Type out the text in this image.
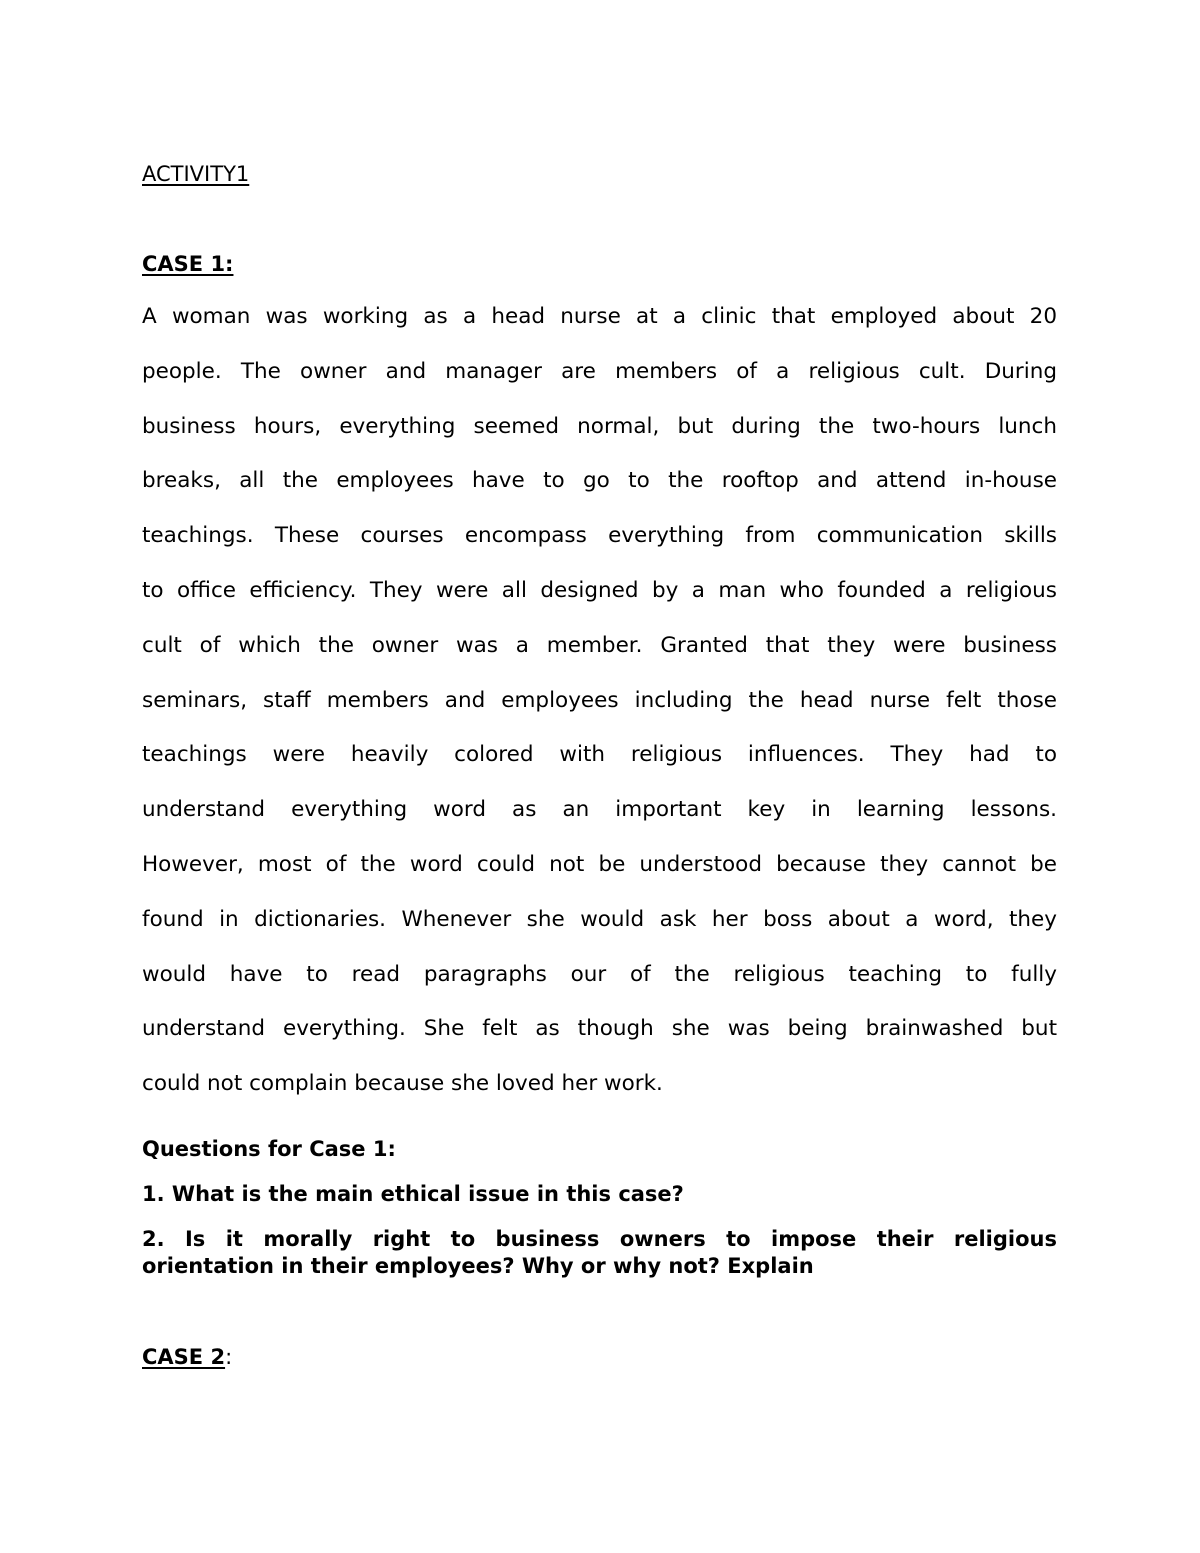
ACTIVITY1

CASE 1:

A woman was working as a head nurse at a clinic that employed about 20
people. The owner and manager are members of a religious cult. During
business hours, everything seemed normal, but during the two-hours lunch
breaks, all the employees have to go to the rooftop and attend in-house
teachings. These courses encompass everything from communication skills
to office efficiency. They were all designed by a man who founded a religious
cult of which the owner was a member. Granted that they were business
seminars, staff members and employees including the head nurse felt those
teachings were heavily colored with religious influences. They had to
understand everything word as an important key in learning lessons.
However, most of the word could not be understood because they cannot be
found in dictionaries. Whenever she would ask her boss about a word, they
would have to read paragraphs our of the religious teaching to fully
understand everything. She felt as though she was being brainwashed but
could not complain because she loved her work.

Questions for Case 1:

1. What is the main ethical issue in this case?

2. Is it morally right to business owners to impose their religious
orientation in their employees? Why or why not? Explain

CASE 2:
